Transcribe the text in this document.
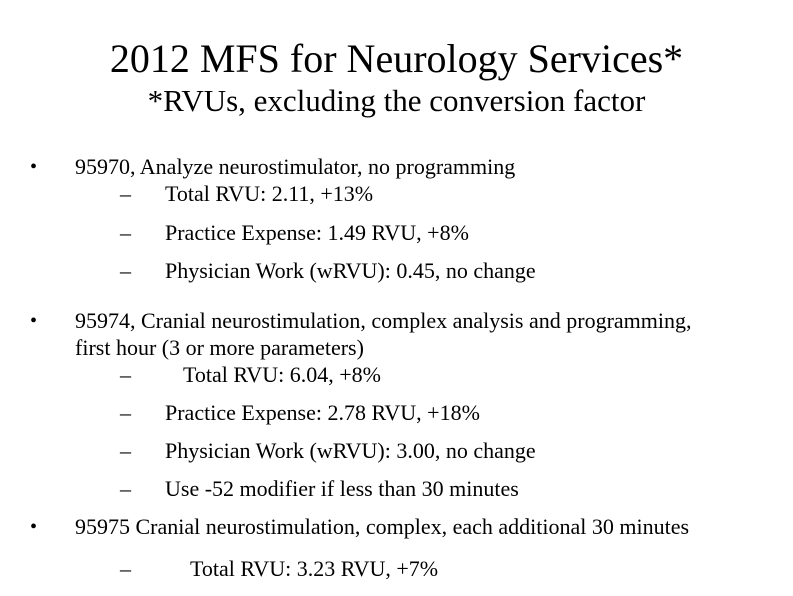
2012 MFS for Neurology Services*
*RVUs, excluding the conversion factor
• 95970, Analyze neurostimulator, no programming
– Total RVU: 2.11, +13%
– Practice Expense: 1.49 RVU, +8%
– Physician Work (wRVU): 0.45, no change
• 95974, Cranial neurostimulation, complex analysis and programming,
first hour (3 or more parameters)
– Total RVU: 6.04, +8%
– Practice Expense: 2.78 RVU, +18%
– Physician Work (wRVU): 3.00, no change
– Use -52 modifier if less than 30 minutes
• 95975 Cranial neurostimulation, complex, each additional 30 minutes
–	Total RVU: 3.23 RVU, +7%
